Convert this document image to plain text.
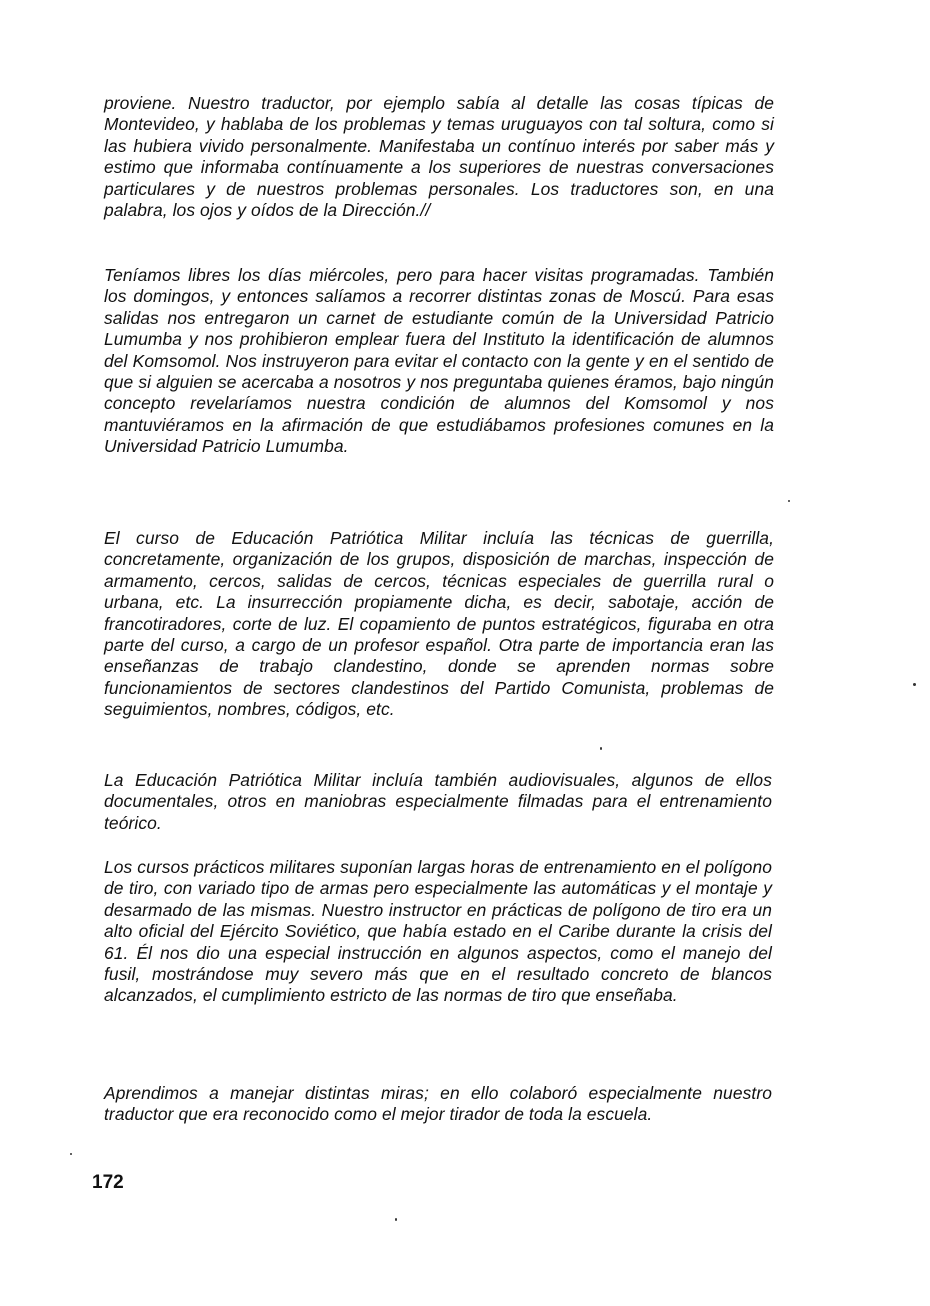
proviene. Nuestro traductor, por ejemplo sabía al detalle las cosas típicas de Montevideo, y hablaba de los problemas y temas uruguayos con tal soltura, como si las hubiera vivido personalmente. Manifestaba un contínuo interés por saber más y estimo que informaba contínuamente a los superiores de nuestras conversaciones particulares y de nuestros problemas personales. Los traductores son, en una palabra, los ojos y oídos de la Dirección.//

Teníamos libres los días miércoles, pero para hacer visitas programadas. También los domingos, y entonces salíamos a recorrer distintas zonas de Moscú. Para esas salidas nos entregaron un carnet de estudiante común de la Universidad Patricio Lumumba y nos prohibieron emplear fuera del Instituto la identificación de alumnos del Komsomol. Nos instruyeron para evitar el contacto con la gente y en el sentido de que si alguien se acercaba a nosotros y nos preguntaba quienes éramos, bajo ningún concepto revelaríamos nuestra condición de alumnos del Komsomol y nos mantuviéramos en la afirmación de que estudiábamos profesiones comunes en la Universidad Patricio Lumumba.

El curso de Educación Patriótica Militar incluía las técnicas de guerrilla, concretamente, organización de los grupos, disposición de marchas, inspección de armamento, cercos, salidas de cercos, técnicas especiales de guerrilla rural o urbana, etc. La insurrección propiamente dicha, es decir, sabotaje, acción de francotiradores, corte de luz. El copamiento de puntos estratégicos, figuraba en otra parte del curso, a cargo de un profesor español. Otra parte de importancia eran las enseñanzas de trabajo clandestino, donde se aprenden normas sobre funcionamientos de sectores clandestinos del Partido Comunista, problemas de seguimientos, nombres, códigos, etc.

La Educación Patriótica Militar incluía también audiovisuales, algunos de ellos documentales, otros en maniobras especialmente filmadas para el entrenamiento teórico.

Los cursos prácticos militares suponían largas horas de entrenamiento en el polígono de tiro, con variado tipo de armas pero especialmente las automáticas y el montaje y desarmado de las mismas. Nuestro instructor en prácticas de polígono de tiro era un alto oficial del Ejército Soviético, que había estado en el Caribe durante la crisis del 61. Él nos dio una especial instrucción en algunos aspectos, como el manejo del fusil, mostrándose muy severo más que en el resultado concreto de blancos alcanzados, el cumplimiento estricto de las normas de tiro que enseñaba.

Aprendimos a manejar distintas miras; en ello colaboró especialmente nuestro traductor que era reconocido como el mejor tirador de toda la escuela.

172
